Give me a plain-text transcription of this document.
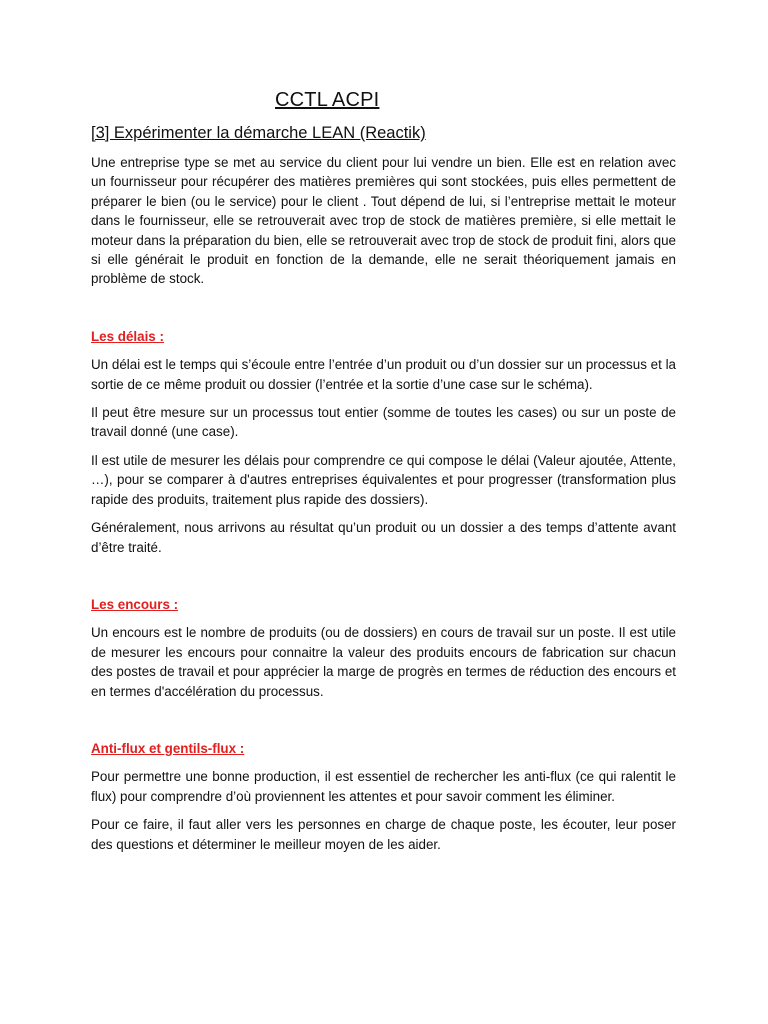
CCTL ACPI
[3] Expérimenter la démarche LEAN (Reactik)

Une entreprise type se met au service du client pour lui vendre un bien. Elle est en relation avec un fournisseur pour récupérer des matières premières qui sont stockées, puis elles permettent de préparer le bien (ou le service) pour le client . Tout dépend de lui, si l’entreprise mettait le moteur dans le fournisseur, elle se retrouverait avec trop de stock de matières première, si elle mettait le moteur dans la préparation du bien, elle se retrouverait avec trop de stock de produit fini, alors que si elle générait le produit en fonction de la demande, elle ne serait théoriquement jamais en problème de stock.

Les délais :

Un délai est le temps qui s’écoule entre l’entrée d’un produit ou d’un dossier sur un processus et la sortie de ce même produit ou dossier (l’entrée et la sortie d’une case sur le schéma).

Il peut être mesure sur un processus tout entier (somme de toutes les cases) ou sur un poste de travail donné (une case).

Il est utile de mesurer les délais pour comprendre ce qui compose le délai (Valeur ajoutée, Attente, …), pour se comparer à d'autres entreprises équivalentes et pour progresser (transformation plus rapide des produits, traitement plus rapide des dossiers).

Généralement, nous arrivons au résultat qu’un produit ou un dossier a des temps d’attente avant d’être traité.

Les encours :

Un encours est le nombre de produits (ou de dossiers) en cours de travail sur un poste. Il est utile de mesurer les encours pour connaitre la valeur des produits encours de fabrication sur chacun des postes de travail et pour apprécier la marge de progrès en termes de réduction des encours et en termes d'accélération du processus.

Anti-flux et gentils-flux :

Pour permettre une bonne production, il est essentiel de rechercher les anti-flux (ce qui ralentit le flux) pour comprendre d’où proviennent les attentes et pour savoir comment les éliminer.

Pour ce faire, il faut aller vers les personnes en charge de chaque poste, les écouter, leur poser des questions et déterminer le meilleur moyen de les aider.
